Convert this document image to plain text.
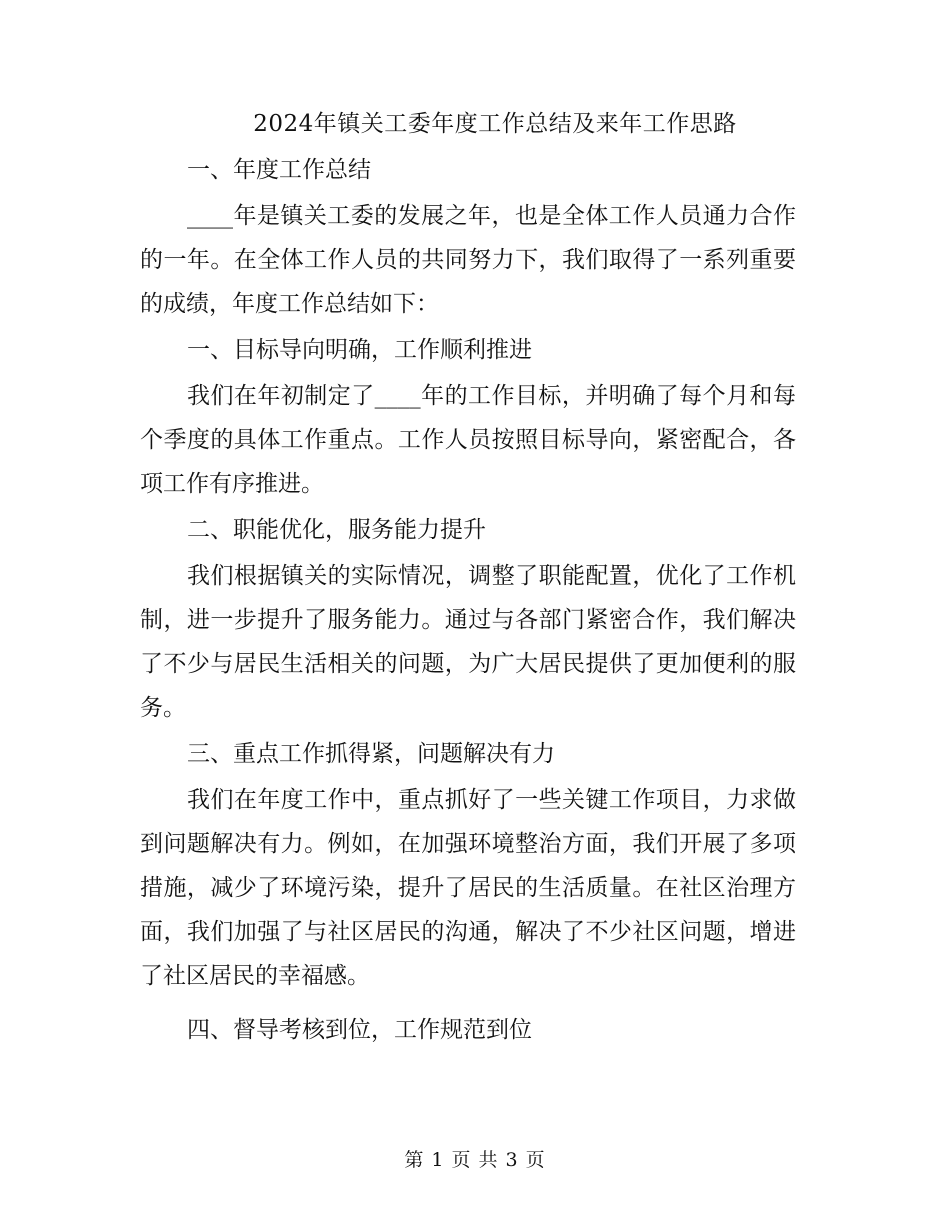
2024年镇关工委年度工作总结及来年工作思路
一、年度工作总结
____年是镇关工委的发展之年，也是全体工作人员通力合作
的一年。在全体工作人员的共同努力下，我们取得了一系列重要
的成绩，年度工作总结如下：
一、目标导向明确，工作顺利推进
我们在年初制定了____年的工作目标，并明确了每个月和每
个季度的具体工作重点。工作人员按照目标导向，紧密配合，各
项工作有序推进。
二、职能优化，服务能力提升
我们根据镇关的实际情况，调整了职能配置，优化了工作机
制，进一步提升了服务能力。通过与各部门紧密合作，我们解决
了不少与居民生活相关的问题，为广大居民提供了更加便利的服
务。
三、重点工作抓得紧，问题解决有力
我们在年度工作中，重点抓好了一些关键工作项目，力求做
到问题解决有力。例如，在加强环境整治方面，我们开展了多项
措施，减少了环境污染，提升了居民的生活质量。在社区治理方
面，我们加强了与社区居民的沟通，解决了不少社区问题，增进
了社区居民的幸福感。
四、督导考核到位，工作规范到位
第 1 页 共 3 页
